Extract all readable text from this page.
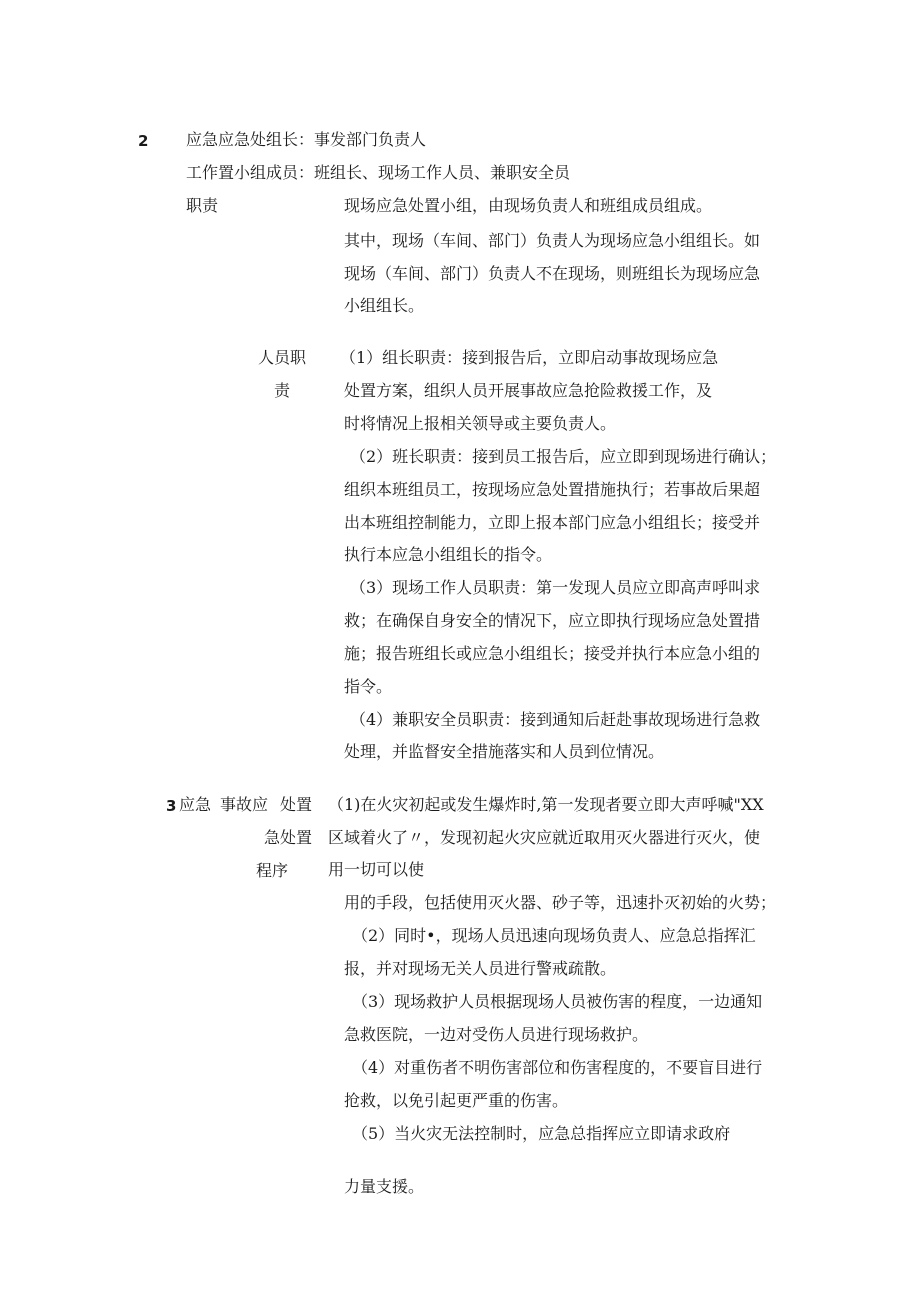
2 应急应急处组长：事发部门负责人
工作置小组成员：班组长、现场工作人员、兼职安全员
职责	现场应急处置小组，由现场负责人和班组成员组成。
其中，现场（车间、部门）负责人为现场应急小组组长。如
现场（车间、部门）负责人不在现场，则班组长为现场应急
小组组长。
人员职
责
（1）组长职责：接到报告后，立即启动事故现场应急
处置方案，组织人员开展事故应急抢险救援工作，及
时将情况上报相关领导或主要负责人。
（2）班长职责：接到员工报告后，应立即到现场进行确认；
组织本班组员工，按现场应急处置措施执行；若事故后果超
出本班组控制能力，立即上报本部门应急小组组长；接受并
执行本应急小组组长的指令。
（3）现场工作人员职责：第一发现人员应立即高声呼叫求
救；在确保自身安全的情况下，应立即执行现场应急处置措
施；报告班组长或应急小组组长；接受并执行本应急小组的
指令。
（4）兼职安全员职责：接到通知后赶赴事故现场进行急救
处理，并监督安全措施落实和人员到位情况。
3 应急 事故应 处置
急处置
程序
（1)在火灾初起或发生爆炸时,第一发现者要立即大声呼喊"XX
区域着火了〃，发现初起火灾应就近取用灭火器进行灭火，使
用一切可以使
用的手段，包括使用灭火器、砂子等，迅速扑灭初始的火势；
（2）同时•，现场人员迅速向现场负责人、应急总指挥汇
报，并对现场无关人员进行警戒疏散。
（3）现场救护人员根据现场人员被伤害的程度，一边通知
急救医院，一边对受伤人员进行现场救护。
（4）对重伤者不明伤害部位和伤害程度的，不要盲目进行
抢救，以免引起更严重的伤害。
（5）当火灾无法控制时，应急总指挥应立即请求政府
力量支援。
